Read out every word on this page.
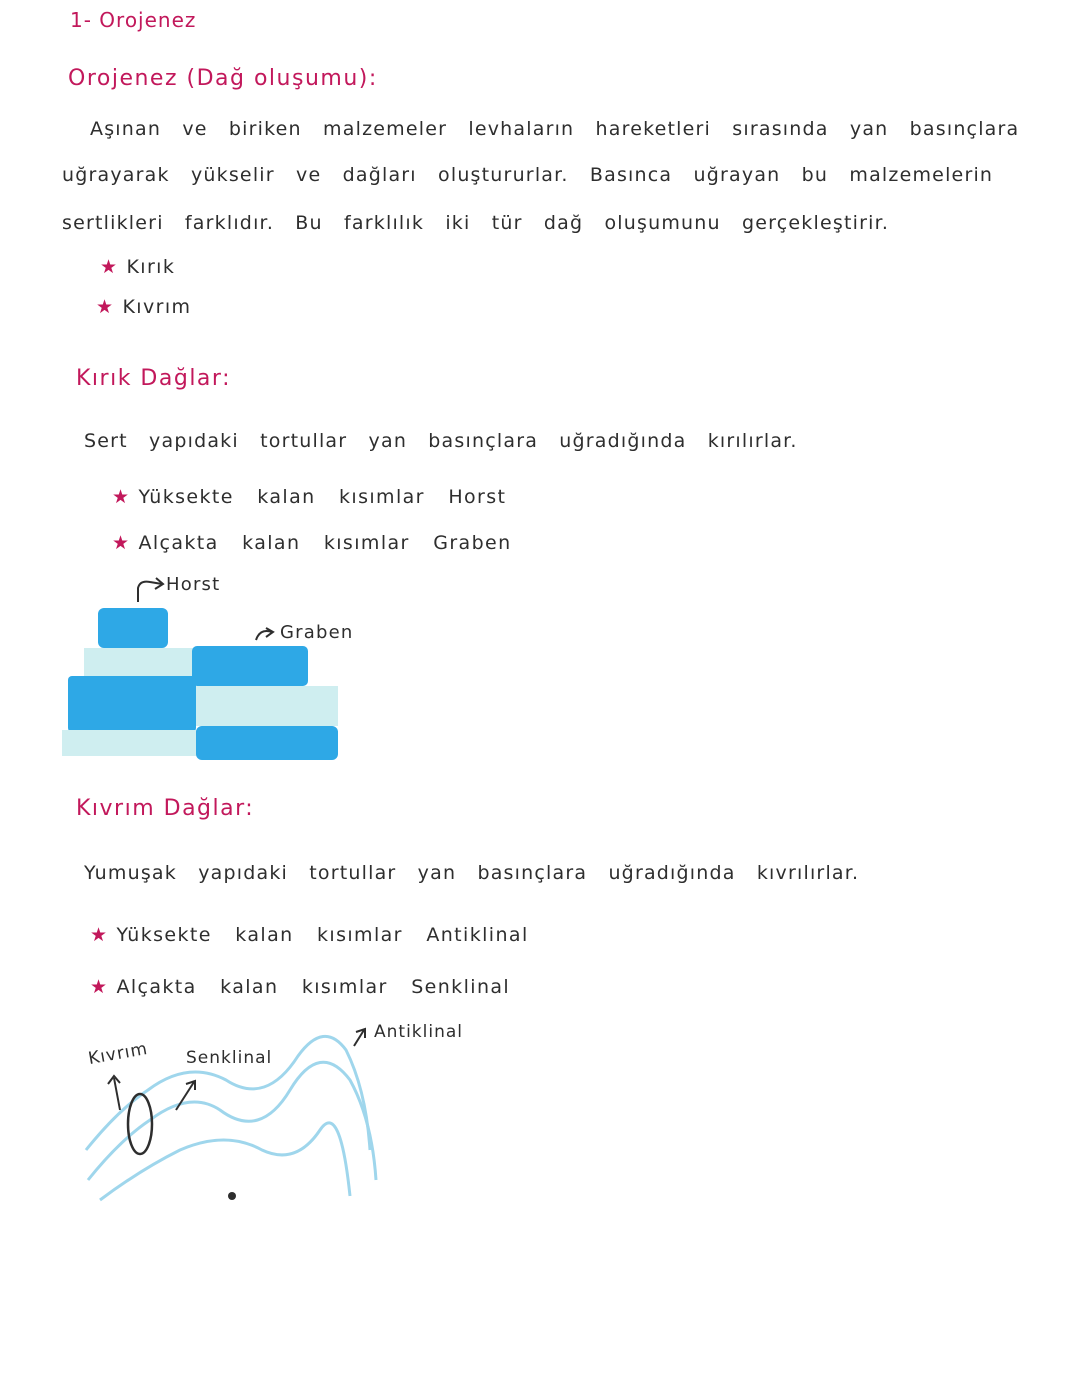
1- Orojenez
Orojenez (Dağ oluşumu):
Aşınan ve biriken malzemeler levhaların hareketleri sırasında yan basınçlara
uğrayarak yükselir ve dağları oluştururlar. Basınca uğrayan bu malzemelerin
sertlikleri farklıdır. Bu farklılık iki tür dağ oluşumunu gerçekleştirir.
★ Kırık
★ Kıvrım
Kırık Dağlar:
Sert yapıdaki tortullar yan basınçlara uğradığında kırılırlar.
★ Yüksekte kalan kısımlar Horst
★ Alçakta kalan kısımlar Graben
Horst
Graben
Kıvrım Dağlar:
Yumuşak yapıdaki tortullar yan basınçlara uğradığında kıvrılırlar.
★ Yüksekte kalan kısımlar Antiklinal
★ Alçakta kalan kısımlar Senklinal
Kıvrım Senklinal
Antiklinal
